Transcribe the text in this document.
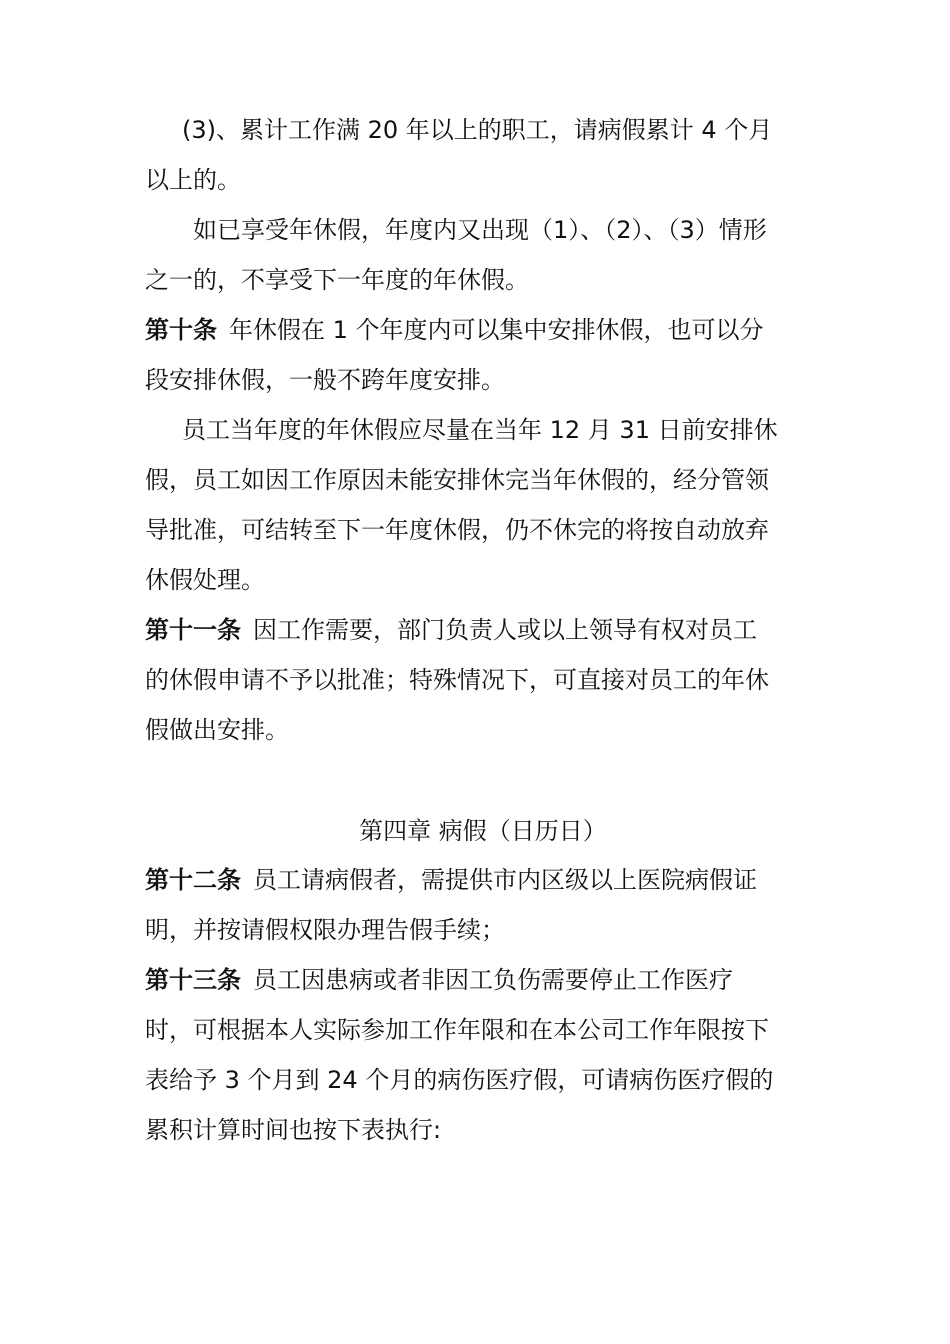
(3)、累计工作满 20 年以上的职工，请病假累计 4 个月
以上的。
如已享受年休假，年度内又出现（1）、（2）、（3）情形
之一的，不享受下一年度的年休假。
第十条 年休假在 1 个年度内可以集中安排休假，也可以分
段安排休假，一般不跨年度安排。
员工当年度的年休假应尽量在当年 12 月 31 日前安排休
假，员工如因工作原因未能安排休完当年休假的，经分管领
导批准，可结转至下一年度休假，仍不休完的将按自动放弃
休假处理。
第十一条 因工作需要，部门负责人或以上领导有权对员工
的休假申请不予以批准；特殊情况下，可直接对员工的年休
假做出安排。
第四章 病假（日历日）
第十二条 员工请病假者，需提供市内区级以上医院病假证
明，并按请假权限办理告假手续；
第十三条 员工因患病或者非因工负伤需要停止工作医疗
时，可根据本人实际参加工作年限和在本公司工作年限按下
表给予 3 个月到 24 个月的病伤医疗假，可请病伤医疗假的
累积计算时间也按下表执行:
